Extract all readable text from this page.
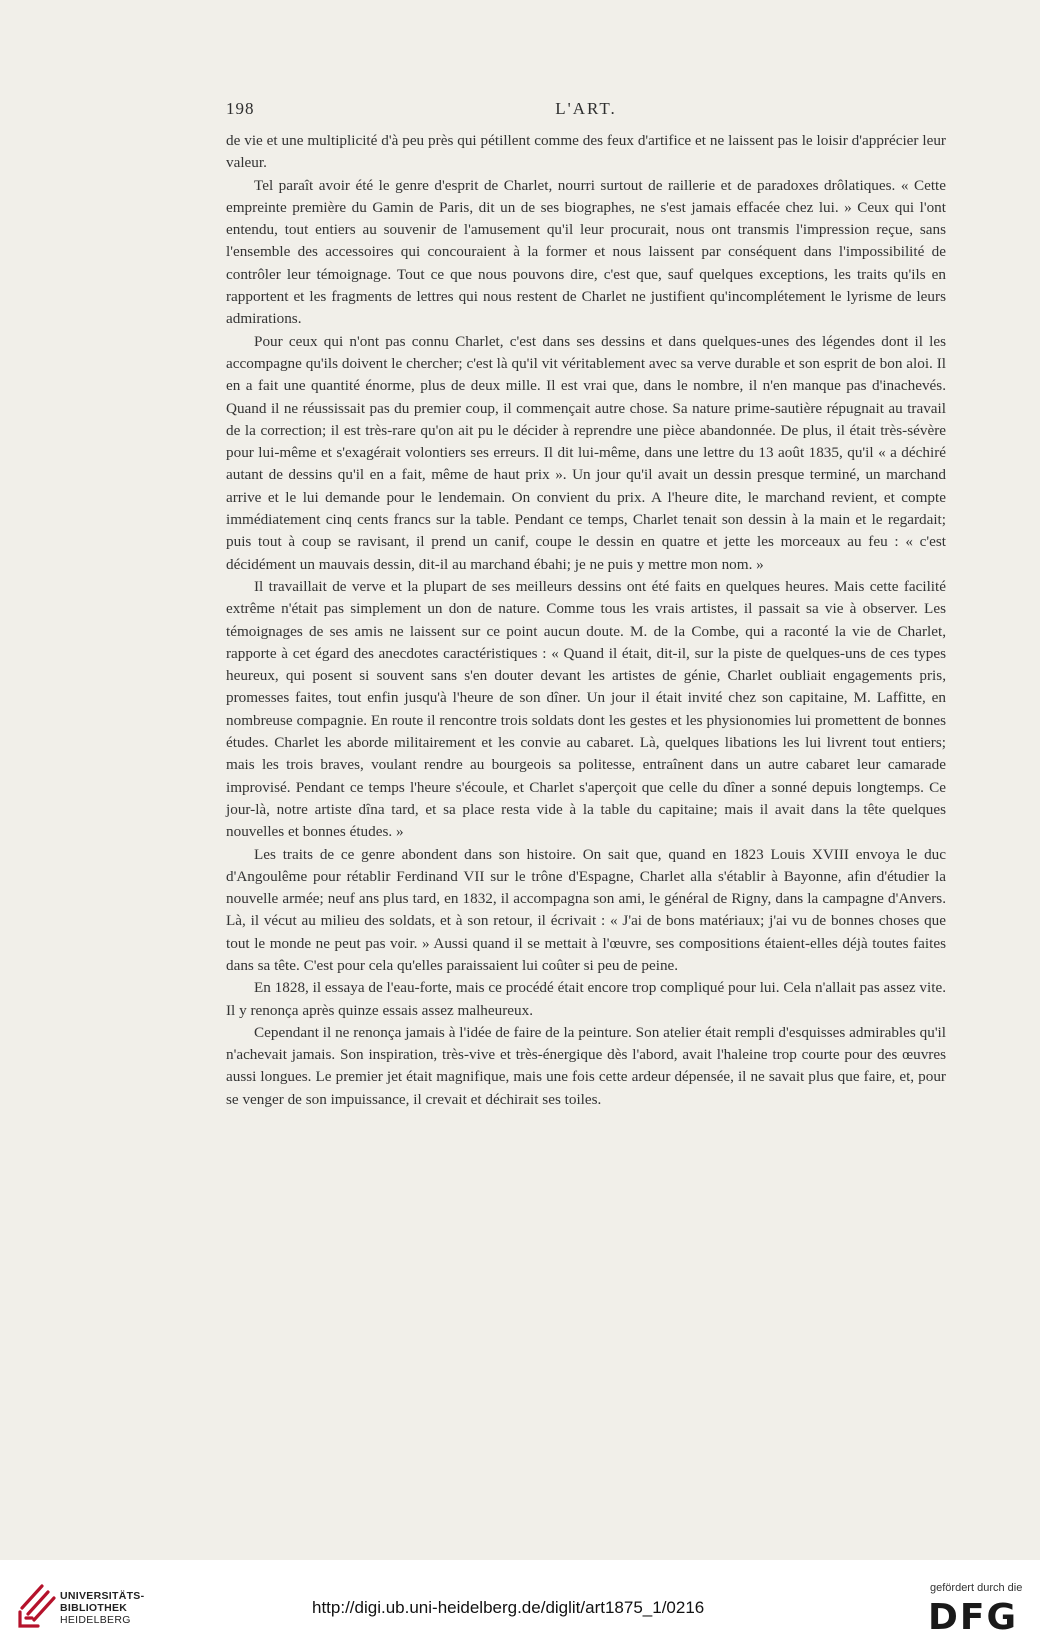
198	L'ART.

de vie et une multiplicité d'à peu près qui pétillent comme des feux d'artifice et ne laissent pas le loisir d'apprécier leur valeur.

Tel paraît avoir été le genre d'esprit de Charlet, nourri surtout de raillerie et de paradoxes drôlatiques. « Cette empreinte première du Gamin de Paris, dit un de ses biographes, ne s'est jamais effacée chez lui. » Ceux qui l'ont entendu, tout entiers au souvenir de l'amusement qu'il leur procurait, nous ont transmis l'impression reçue, sans l'ensemble des accessoires qui concouraient à la former et nous laissent par conséquent dans l'impossibilité de contrôler leur témoignage. Tout ce que nous pouvons dire, c'est que, sauf quelques exceptions, les traits qu'ils en rapportent et les fragments de lettres qui nous restent de Charlet ne justifient qu'incomplétement le lyrisme de leurs admirations.

Pour ceux qui n'ont pas connu Charlet, c'est dans ses dessins et dans quelques-unes des légendes dont il les accompagne qu'ils doivent le chercher; c'est là qu'il vit véritablement avec sa verve durable et son esprit de bon aloi. Il en a fait une quantité énorme, plus de deux mille. Il est vrai que, dans le nombre, il n'en manque pas d'inachevés. Quand il ne réussissait pas du premier coup, il commençait autre chose. Sa nature prime-sautière répugnait au travail de la correction; il est très-rare qu'on ait pu le décider à reprendre une pièce abandonnée. De plus, il était très-sévère pour lui-même et s'exagérait volontiers ses erreurs. Il dit lui-même, dans une lettre du 13 août 1835, qu'il « a déchiré autant de dessins qu'il en a fait, même de haut prix ». Un jour qu'il avait un dessin presque terminé, un marchand arrive et le lui demande pour le lendemain. On convient du prix. A l'heure dite, le marchand revient, et compte immédiatement cinq cents francs sur la table. Pendant ce temps, Charlet tenait son dessin à la main et le regardait; puis tout à coup se ravisant, il prend un canif, coupe le dessin en quatre et jette les morceaux au feu : « c'est décidément un mauvais dessin, dit-il au marchand ébahi; je ne puis y mettre mon nom. »

Il travaillait de verve et la plupart de ses meilleurs dessins ont été faits en quelques heures. Mais cette facilité extrême n'était pas simplement un don de nature. Comme tous les vrais artistes, il passait sa vie à observer. Les témoignages de ses amis ne laissent sur ce point aucun doute. M. de la Combe, qui a raconté la vie de Charlet, rapporte à cet égard des anecdotes caractéristiques : « Quand il était, dit-il, sur la piste de quelques-uns de ces types heureux, qui posent si souvent sans s'en douter devant les artistes de génie, Charlet oubliait engagements pris, promesses faites, tout enfin jusqu'à l'heure de son dîner. Un jour il était invité chez son capitaine, M. Laffitte, en nombreuse compagnie. En route il rencontre trois soldats dont les gestes et les physionomies lui promettent de bonnes études. Charlet les aborde militairement et les convie au cabaret. Là, quelques libations les lui livrent tout entiers; mais les trois braves, voulant rendre au bourgeois sa politesse, entraînent dans un autre cabaret leur camarade improvisé. Pendant ce temps l'heure s'écoule, et Charlet s'aperçoit que celle du dîner a sonné depuis longtemps. Ce jour-là, notre artiste dîna tard, et sa place resta vide à la table du capitaine; mais il avait dans la tête quelques nouvelles et bonnes études. »

Les traits de ce genre abondent dans son histoire. On sait que, quand en 1823 Louis XVIII envoya le duc d'Angoulême pour rétablir Ferdinand VII sur le trône d'Espagne, Charlet alla s'établir à Bayonne, afin d'étudier la nouvelle armée; neuf ans plus tard, en 1832, il accompagna son ami, le général de Rigny, dans la campagne d'Anvers. Là, il vécut au milieu des soldats, et à son retour, il écrivait : « J'ai de bons matériaux; j'ai vu de bonnes choses que tout le monde ne peut pas voir. » Aussi quand il se mettait à l'œuvre, ses compositions étaient-elles déjà toutes faites dans sa tête. C'est pour cela qu'elles paraissaient lui coûter si peu de peine.

En 1828, il essaya de l'eau-forte, mais ce procédé était encore trop compliqué pour lui. Cela n'allait pas assez vite. Il y renonça après quinze essais assez malheureux.

Cependant il ne renonça jamais à l'idée de faire de la peinture. Son atelier était rempli d'esquisses admirables qu'il n'achevait jamais. Son inspiration, très-vive et très-énergique dès l'abord, avait l'haleine trop courte pour des œuvres aussi longues. Le premier jet était magnifique, mais une fois cette ardeur dépensée, il ne savait plus que faire, et, pour se venger de son impuissance, il crevait et déchirait ses toiles.

UNIVERSITÄTS-
BIBLIOTHEK
HEIDELBERG
http://digi.ub.uni-heidelberg.de/diglit/art1875_1/0216
gefördert durch die
DFG
